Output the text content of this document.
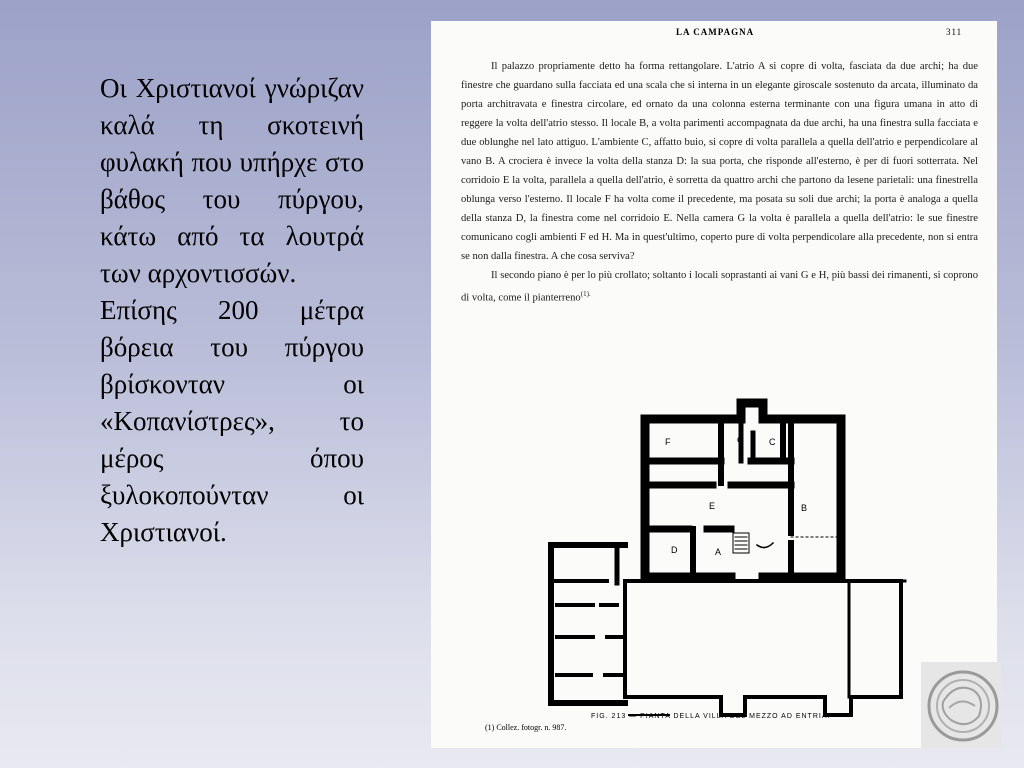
Οι Χριστιανοί γνώριζαν καλά τη σκοτεινή φυλακή που υπήρχε στο βάθος του πύργου, κάτω από τα λουτρά των αρχοντισσών.

Επίσης 200 μέτρα βόρεια του πύργου βρίσκονταν οι «Κοπανίστρες», το μέρος όπου ξυλοκοπούνταν οι Χριστιανοί.

LA CAMPAGNA	311

Il palazzo propriamente detto ha forma rettangolare. L'atrio A si copre di volta, fasciata da due archi; ha due finestre che guardano sulla facciata ed una scala che si interna in un elegante giroscale sostenuto da arcata, illuminato da porta architravata e finestra circolare, ed ornato da una colonna esterna terminante con una figura umana in atto di reggere la volta dell'atrio stesso. Il locale B, a volta parimenti accompagnata da due archi, ha una finestra sulla facciata e due oblunghe nel lato attiguo. L'ambiente C, affatto buio, si copre di volta parallela a quella dell'atrio e perpendicolare al vano B. A crociera è invece la volta della stanza D: la sua porta, che risponde all'esterno, è per di fuori sotterrata. Nel corridoio E la volta, parallela a quella dell'atrio, è sorretta da quattro archi che partono da lesene parietali: una finestrella oblunga verso l'esterno. Il locale F ha volta come il precedente, ma posata su soli due archi; la porta è analoga a quella della stanza D, la finestra come nel corridoio E. Nella camera G la volta è parallela a quella dell'atrio: le sue finestre comunicano cogli ambienti F ed H. Ma in quest'ultimo, coperto pure di volta perpendicolare alla precedente, non si entra se non dalla finestra. A che cosa serviva?

Il secondo piano è per lo più crollato; soltanto i locali soprastanti ai vani G e H, più bassi dei rimanenti, si coprono di volta, come il pianterreno$^{(1).}$

H
F	G	C
E	B
D	A
FIG. 213 — PIANTA DELLA VILLA DEL MEZZO AD ENTRIA.
(1) Collez. fotogr. n. 987.
